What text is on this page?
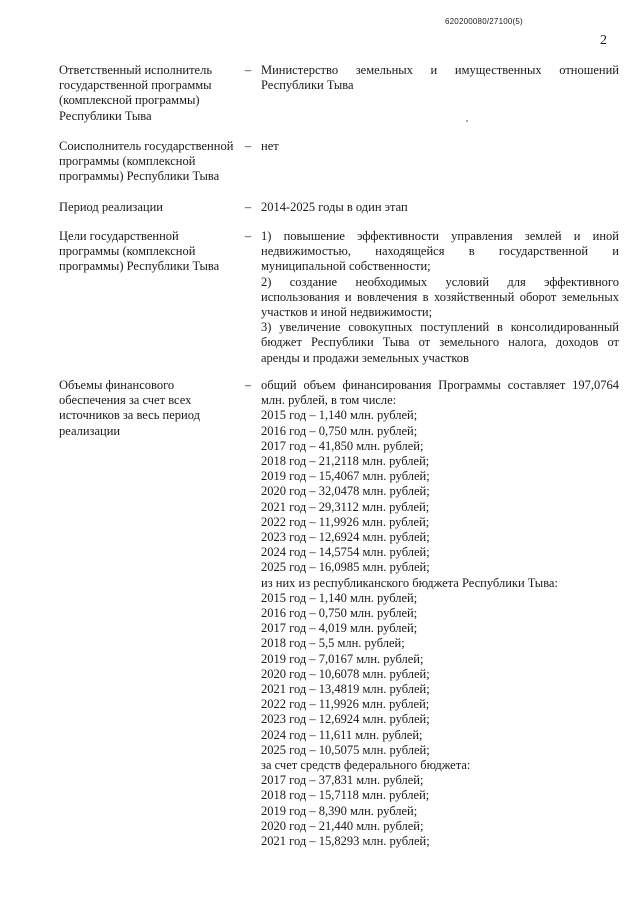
620200080/27100(5)
2
Ответственный исполнитель государственной программы (комплексной программы) Республики Тыва
– Министерство земельных и имущественных отношений Республики Тыва
Соисполнитель государственной программы (комплексной программы) Республики Тыва
– нет
Период реализации	– 2014-2025 годы в один этап
Цели государственной программы (комплексной программы) Республики Тыва
– 1) повышение эффективности управления землей и иной недвижимостью, находящейся в государственной и муниципальной собственности;
2) создание необходимых условий для эффективного использования и вовлечения в хозяйственный оборот земельных участков и иной недвижимости;
3) увеличение совокупных поступлений в консолидированный бюджет Республики Тыва от земельного налога, доходов от аренды и продажи земельных участков
Объемы финансового обеспечения за счет всех источников за весь период реализации
– общий объем финансирования Программы составляет 197,0764 млн. рублей, в том числе:
2015 год – 1,140 млн. рублей;
2016 год – 0,750 млн. рублей;
2017 год – 41,850 млн. рублей;
2018 год – 21,2118 млн. рублей;
2019 год – 15,4067 млн. рублей;
2020 год – 32,0478 млн. рублей;
2021 год – 29,3112 млн. рублей;
2022 год – 11,9926 млн. рублей;
2023 год – 12,6924 млн. рублей;
2024 год – 14,5754 млн. рублей;
2025 год – 16,0985 млн. рублей;
из них из республиканского бюджета Республики Тыва:
2015 год – 1,140 млн. рублей;
2016 год – 0,750 млн. рублей;
2017 год – 4,019 млн. рублей;
2018 год – 5,5 млн. рублей;
2019 год – 7,0167 млн. рублей;
2020 год – 10,6078 млн. рублей;
2021 год – 13,4819 млн. рублей;
2022 год – 11,9926 млн. рублей;
2023 год – 12,6924 млн. рублей;
2024 год – 11,611 млн. рублей;
2025 год – 10,5075 млн. рублей;
за счет средств федерального бюджета:
2017 год – 37,831 млн. рублей;
2018 год – 15,7118 млн. рублей;
2019 год – 8,390 млн. рублей;
2020 год – 21,440 млн. рублей;
2021 год – 15,8293 млн. рублей;
